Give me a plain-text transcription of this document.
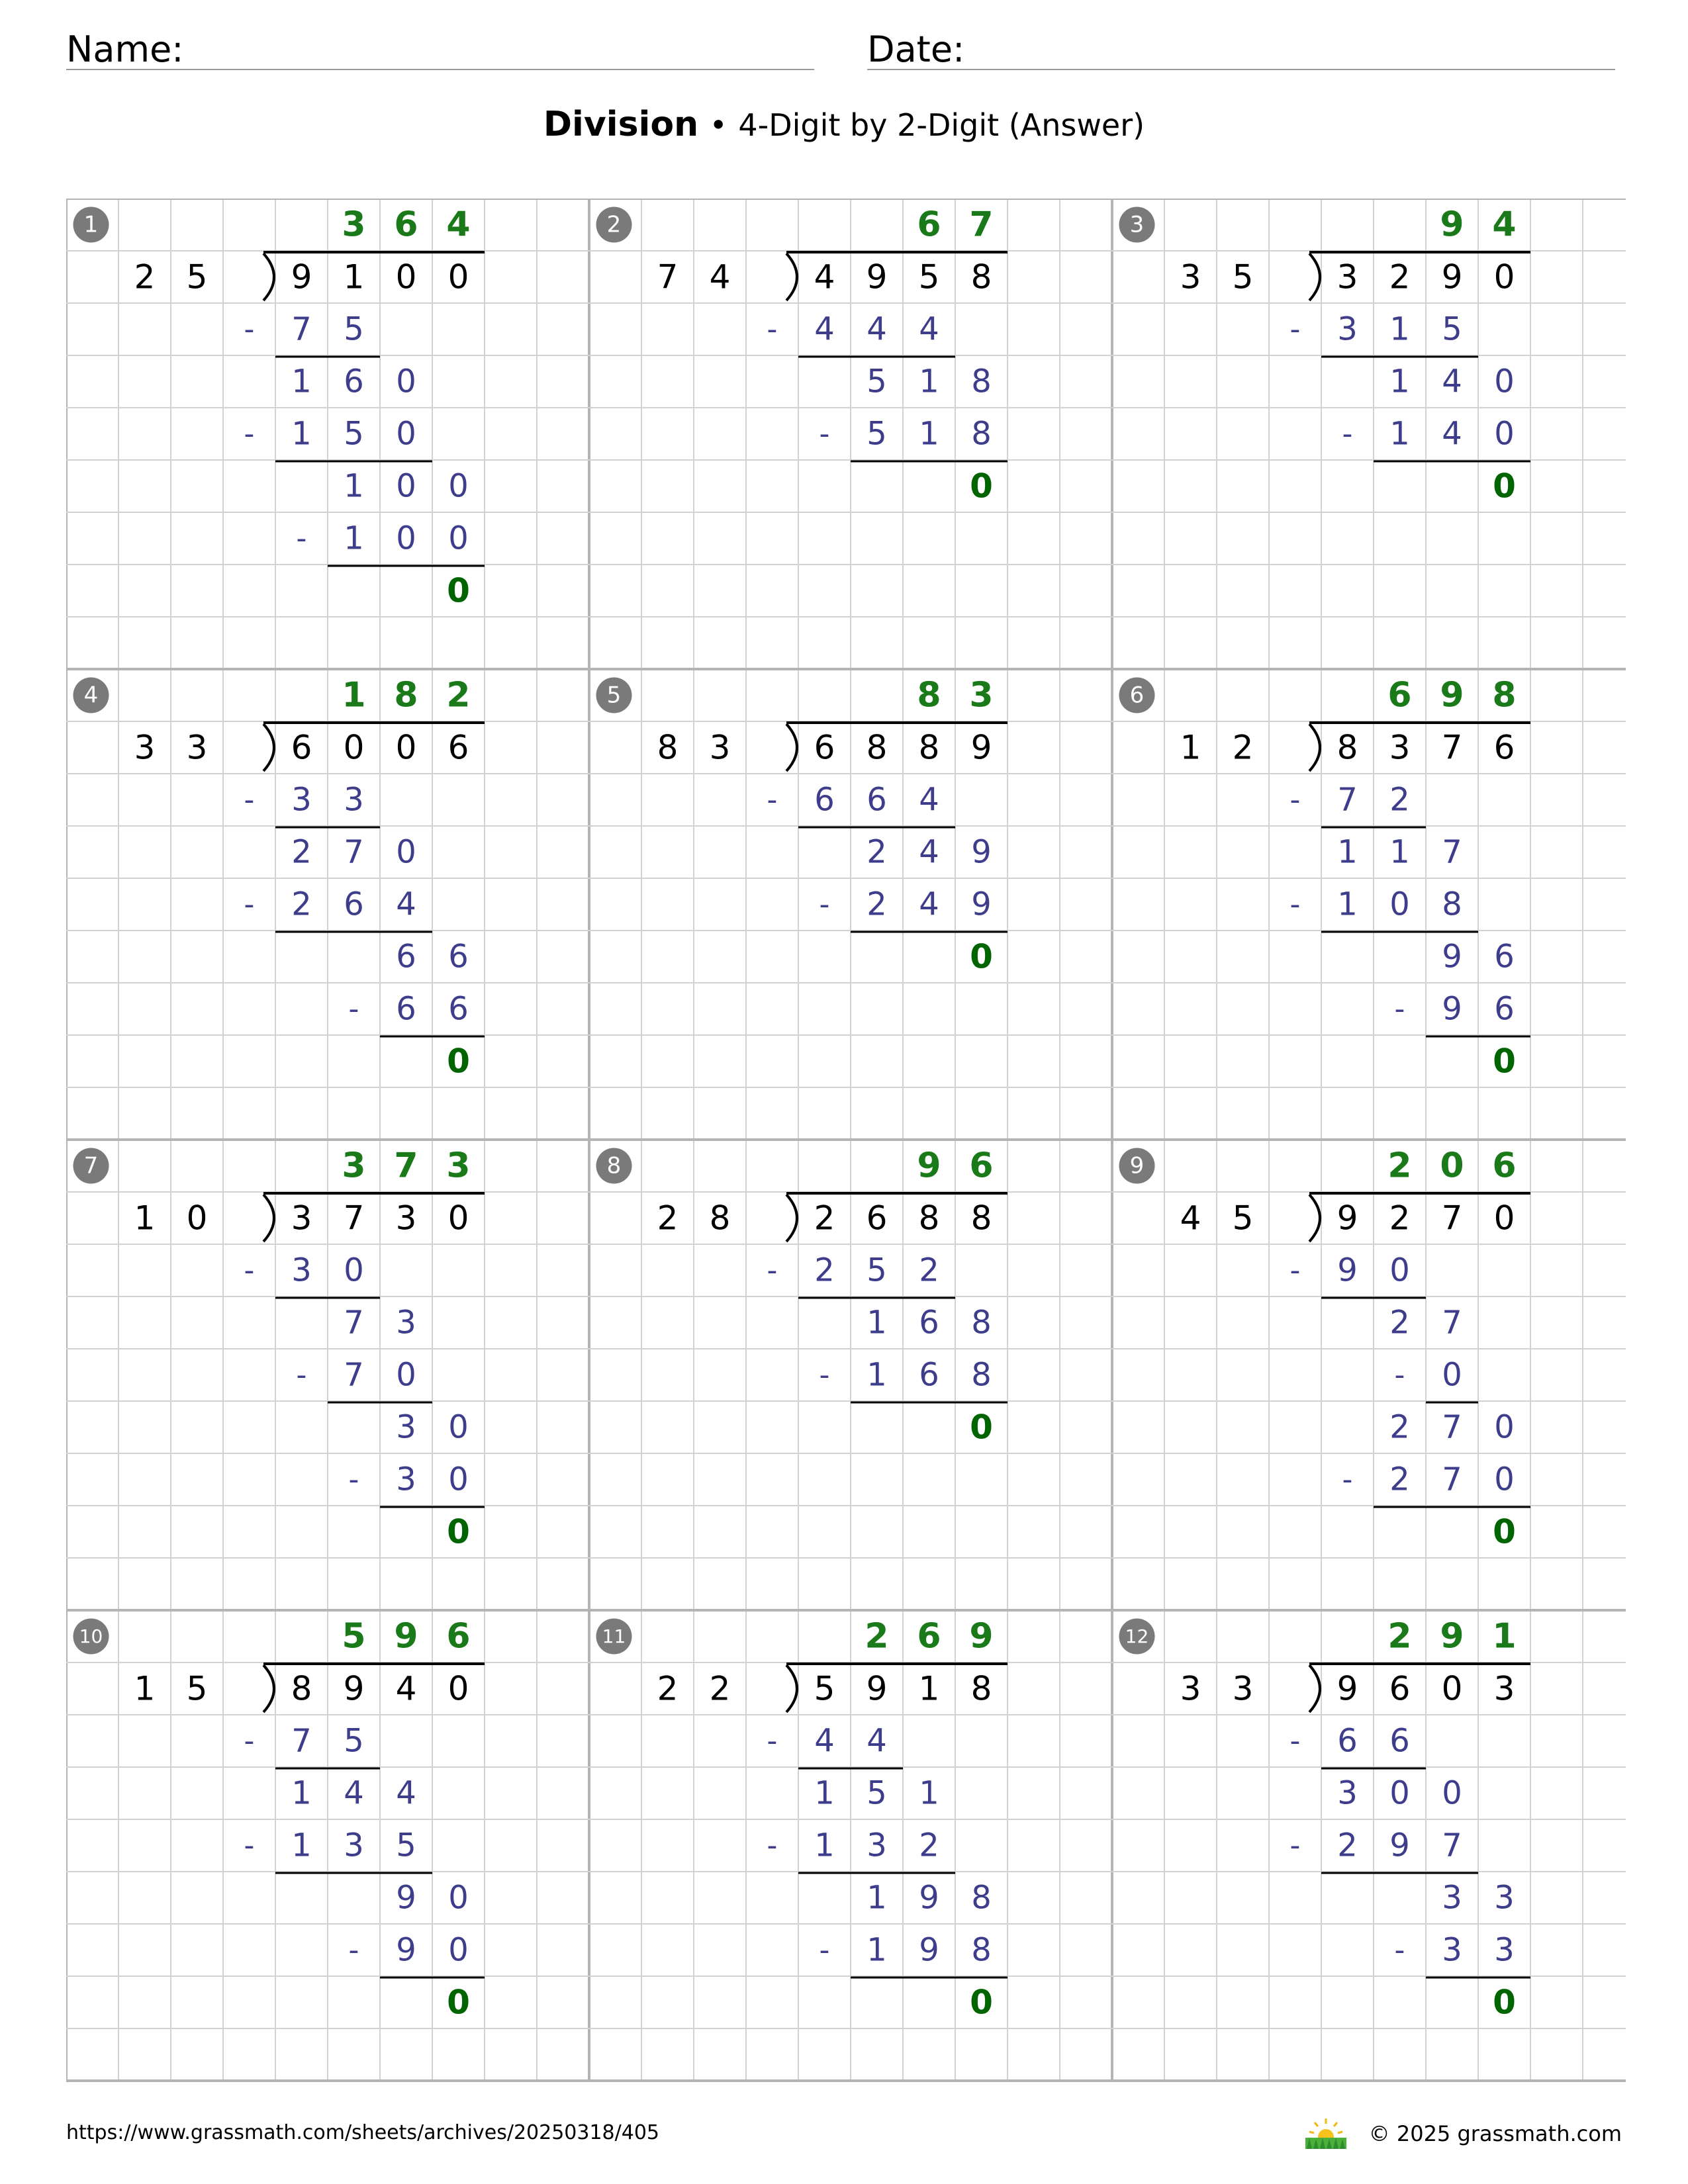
Name:	Date:
Division • 4-Digit by 2-Digit (Answer)
1	3 6 4
2 5	9 1 0 0
7 5
-
1 6 0
1 5 0
-
1 0 0
1 0 0
-
0
2	6 7
7 4	4 9 5 8
4 4 4
-
5 1 8
5 1 8
-
0
3	9 4
3 5	3 2 9 0
3 1 5
-
1 4 0
1 4 0
-
0
4	1 8 2
3 3	6 0 0 6
3 3
-
2 7 0
2 6 4
-
6 6
6 6
-
0
5	8 3
8 3	6 8 8 9
6 6 4
-
2 4 9
2 4 9
-
0
6	6 9 8
1 2	8 3 7 6
7 2
-
1 1 7
1 0 8
-
9 6
9 6
-
0
7	3 7 3
1 0	3 7 3 0
3 0
-
7 3
7 0
-
3 0
3 0
-
0
8	9 6
2 8	2 6 8 8
2 5 2
-
1 6 8
1 6 8
-
0
9	2 0 6
4 5	9 2 7 0
9 0
-
2 7
0
-
2 7 0
2 7 0
-
0
10	5 9 6
1 5	8 9 4 0
7 5
-
1 4 4
1 3 5
-
9 0
9 0
-
0
11	2 6 9
2 2	5 9 1 8
4 4
-
1 5 1
1 3 2
-
1 9 8
1 9 8
-
0
12	2 9 1
3 3	9 6 0 3
6 6
-
3 0 0
2 9 7
-
3 3
3 3
-
0
https://www.grassmath.com/sheets/archives/20250318/405	© 2025 grassmath.com
